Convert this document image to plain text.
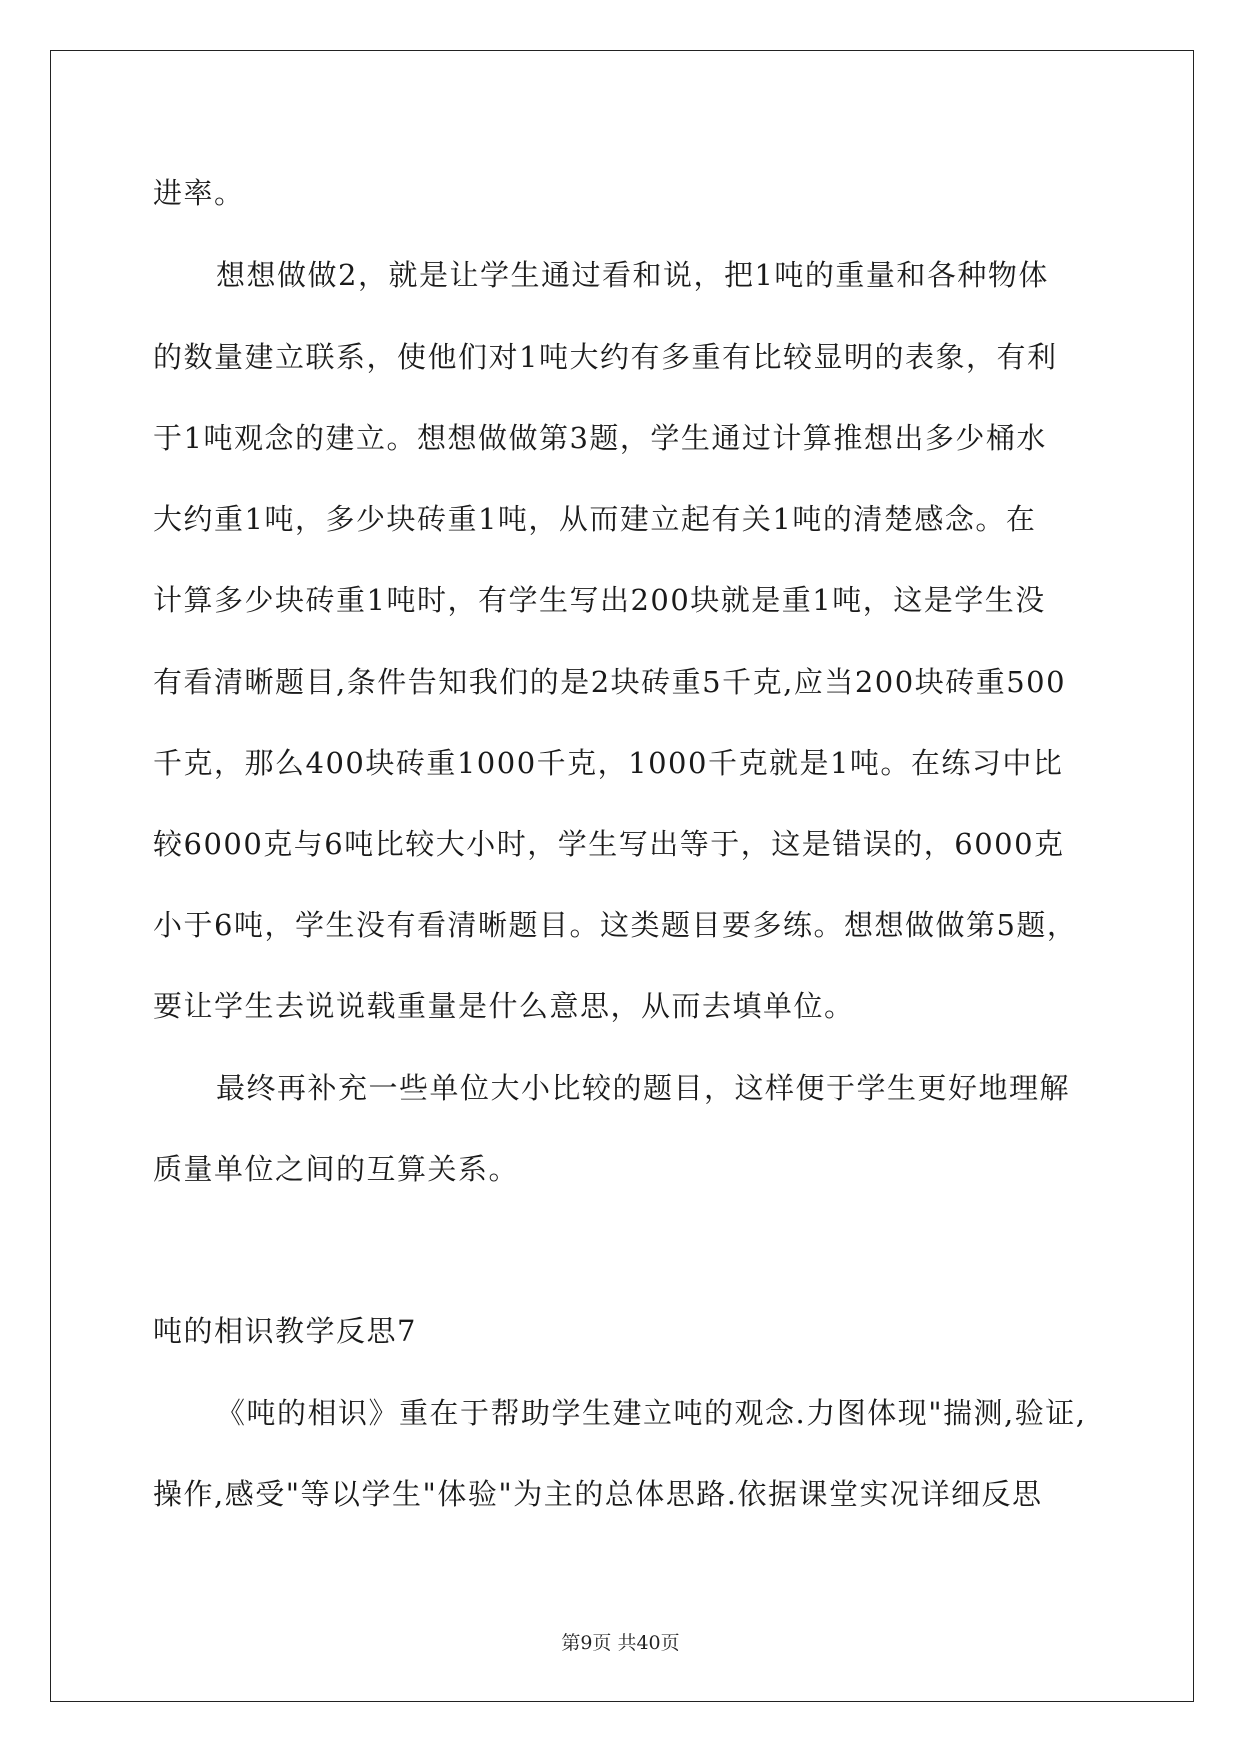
进率。
想想做做2，就是让学生通过看和说，把1吨的重量和各种物体
的数量建立联系，使他们对1吨大约有多重有比较显明的表象，有利
于1吨观念的建立。想想做做第3题，学生通过计算推想出多少桶水
大约重1吨，多少块砖重1吨，从而建立起有关1吨的清楚感念。在
计算多少块砖重1吨时，有学生写出200块就是重1吨，这是学生没
有看清晰题目,条件告知我们的是2块砖重5千克,应当200块砖重500
千克，那么400块砖重1000千克，1000千克就是1吨。在练习中比
较6000克与6吨比较大小时，学生写出等于，这是错误的，6000克
小于6吨，学生没有看清晰题目。这类题目要多练。想想做做第5题，
要让学生去说说载重量是什么意思，从而去填单位。
最终再补充一些单位大小比较的题目，这样便于学生更好地理解
质量单位之间的互算关系。
吨的相识教学反思7
《吨的相识》重在于帮助学生建立吨的观念.力图体现"揣测,验证,
操作,感受"等以学生"体验"为主的总体思路.依据课堂实况详细反思
第9页 共40页
